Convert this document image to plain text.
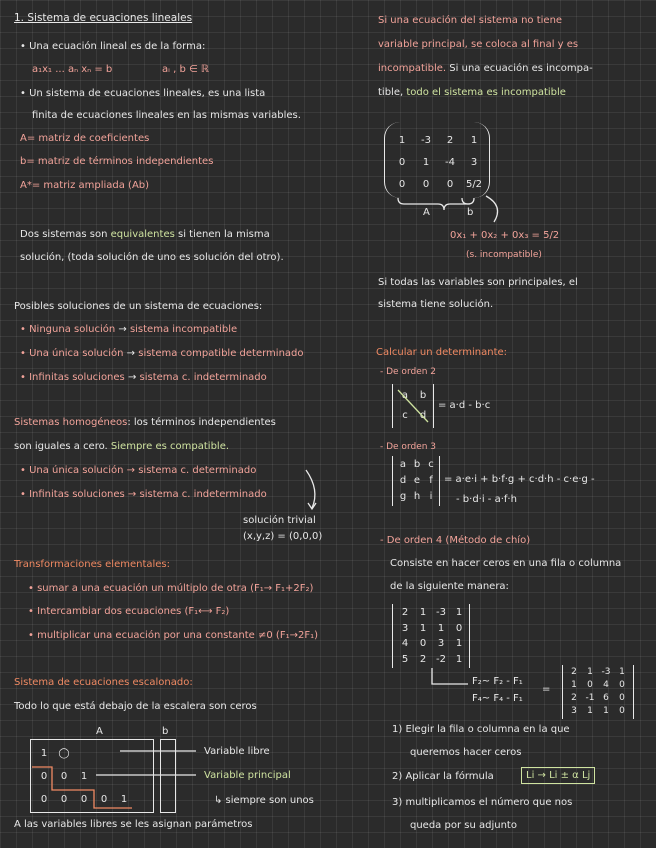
1. Sistema de ecuaciones lineales
• Una ecuación lineal es de la forma:
a₁x₁ ... aₙ xₙ = b	aᵢ , b ∈ ℝ
• Un sistema de ecuaciones lineales, es una lista
finita de ecuaciones lineales en las mismas variables.
A= matriz de coeficientes
b= matriz de términos independientes
A*= matriz ampliada (Ab)
Dos sistemas son equivalentes si tienen la misma
solución, (toda solución de uno es solución del otro).
Posibles soluciones de un sistema de ecuaciones:
• Ninguna solución → sistema incompatible
• Una única solución → sistema compatible determinado
• Infinitas soluciones → sistema c. indeterminado
Sistemas homogéneos: los términos independientes
son iguales a cero. Siempre es compatible.
• Una única solución → sistema c. determinado
• Infinitas soluciones → sistema c. indeterminado
solución trivial
(x,y,z) = (0,0,0)
Transformaciones elementales:
• sumar a una ecuación un múltiplo de otra (F₁→ F₁+2F₂)
• Intercambiar dos ecuaciones (F₁⟷ F₂)
• multiplicar una ecuación por una constante ≠0 (F₁→2F₁)
Sistema de ecuaciones escalonado:
Todo lo que está debajo de la escalera son ceros
A	b
1	◯
0	0	1
0	0	0	0	1
Variable libre
Variable principal
↳ siempre son unos
A las variables libres se les asignan parámetros
Si una ecuación del sistema no tiene
variable principal, se coloca al final y es
incompatible. Si una ecuación es incompa-
tible, todo el sistema es incompatible
1	-3	2	1
0	1	-4	3
0	0	0	5/2
A	b
0x₁ + 0x₂ + 0x₃ = 5/2
(s. incompatible)
Si todas las variables son principales, el
sistema tiene solución.
Calcular un determinante:
- De orden 2
a	b
c	d
= a·d - b·c
- De orden 3
a b c
d e f
g h i
= a·e·i + b·f·g + c·d·h - c·e·g -
- b·d·i - a·f·h
- De orden 4 (Método de chío)
Consiste en hacer ceros en una fila o columna
de la siguiente manera:
2	1 -3 1
3	1	1	0
4	0	3	1
5	2 -2 1
F₂~ F₂ - F₁
F₄~ F₄ - F₁
=
2	1 -3 1
1	0	4	0
2 -1 6	0
3	1	1	0
1) Elegir la fila o columna en la que
queremos hacer ceros
2) Aplicar la fórmula	Li → Li ± α Lj
3) multiplicamos el número que nos
queda por su adjunto
